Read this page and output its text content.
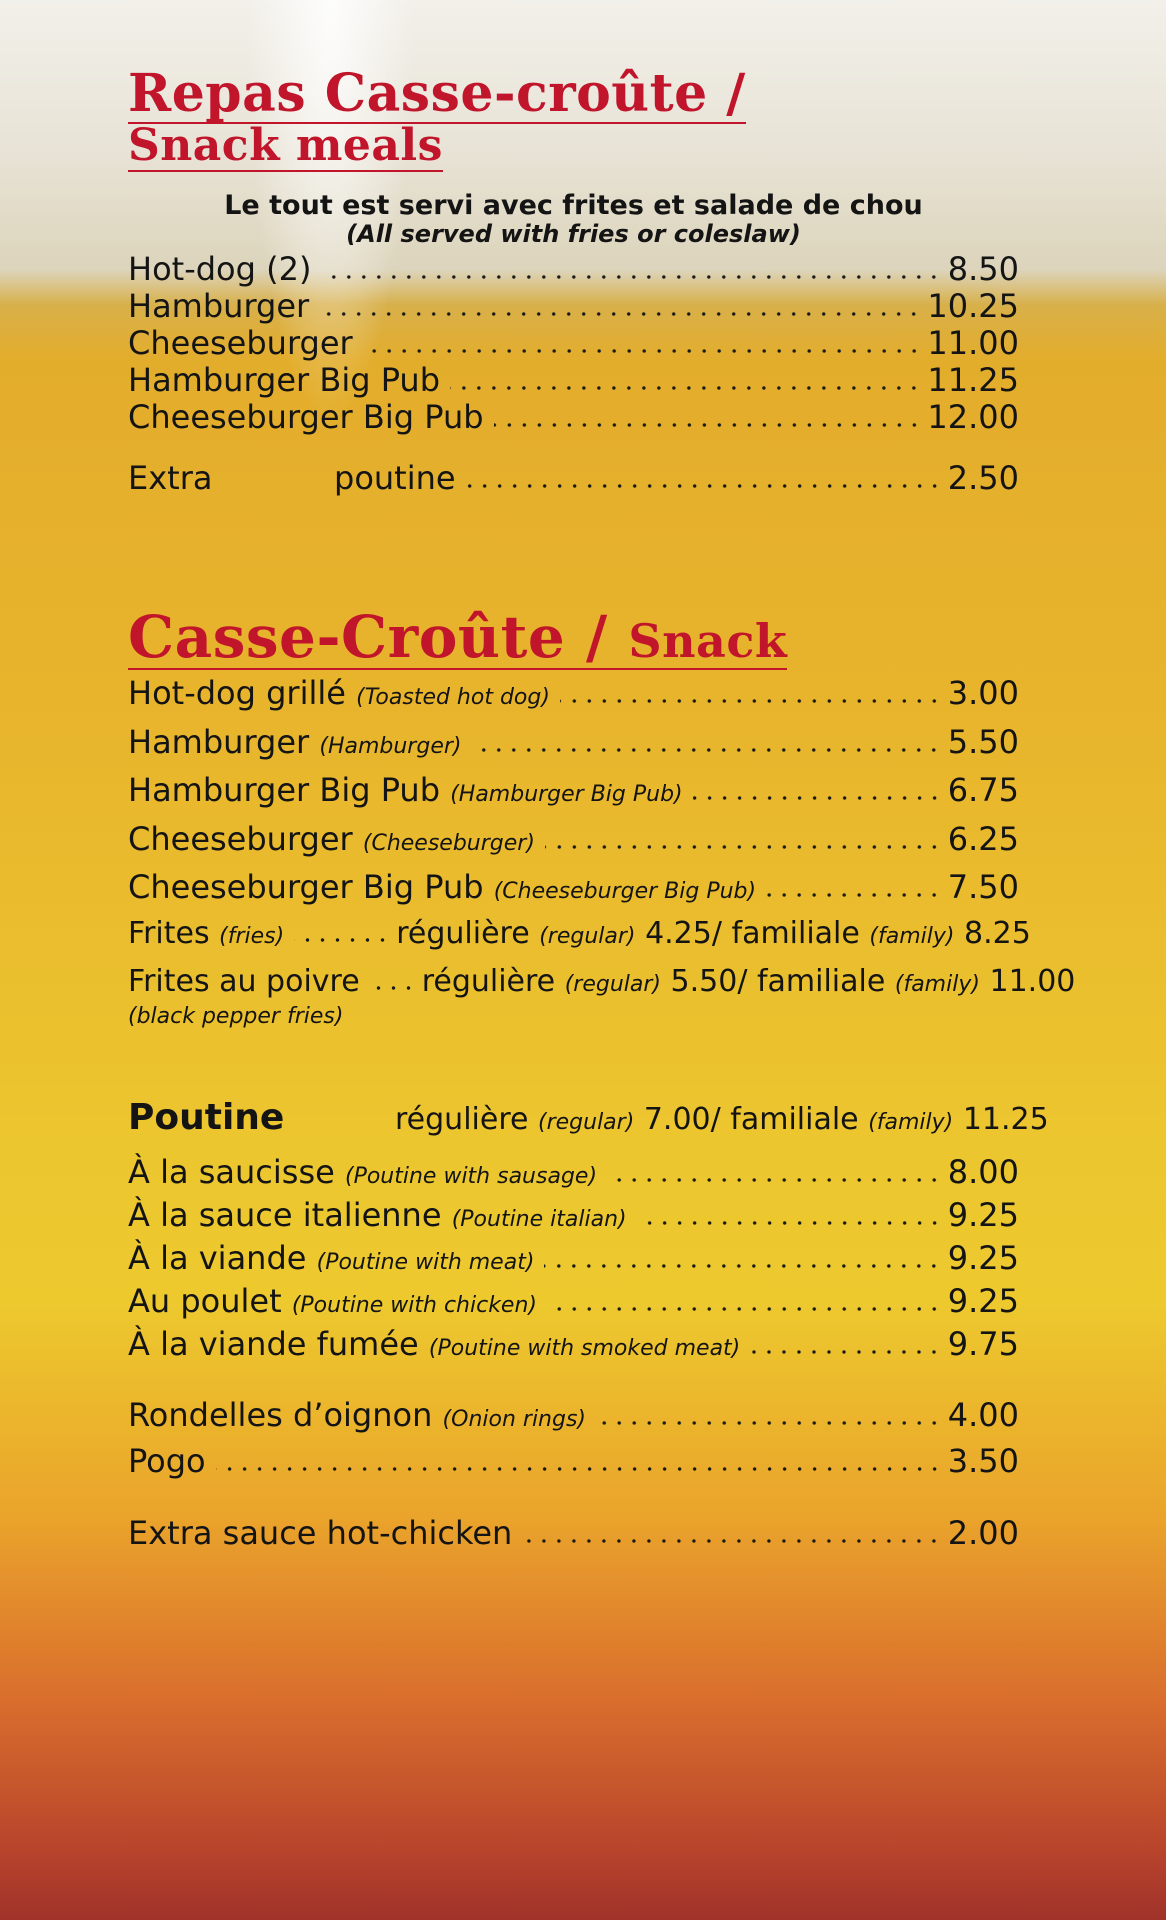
Repas Casse-croûte /
Snack meals
Le tout est servi avec frites et salade de chou
(All served with fries or coleslaw)
Hot-dog (2)	8.50
Hamburger	10.25
Cheeseburger	11.00
Hamburger Big Pub	11.25
Cheeseburger Big Pub	12.00
Extra	poutine	2.50
Casse-Croûte / Snack
Hot-dog grillé (Toasted hot dog)	3.00
Hamburger (Hamburger)	5.50
Hamburger Big Pub (Hamburger Big Pub)	6.75
Cheeseburger (Cheeseburger)	6.25
Cheeseburger Big Pub (Cheeseburger Big Pub)	7.50
Frites (fries)	régulière (regular) 4.25 / familiale (family) 8.25
Frites au poivre régulière (regular) 5.50 / familiale (family) 11.00
(black pepper fries)
Poutine	régulière (regular) 7.00 / familiale (family) 11.25
À la saucisse (Poutine with sausage)	8.00
À la sauce italienne (Poutine italian)	9.25
À la viande (Poutine with meat)	9.25
Au poulet (Poutine with chicken)	9.25
À la viande fumée (Poutine with smoked meat)	9.75
Rondelles d’oignon (Onion rings)	4.00
Pogo	3.50
Extra sauce hot-chicken	2.00
